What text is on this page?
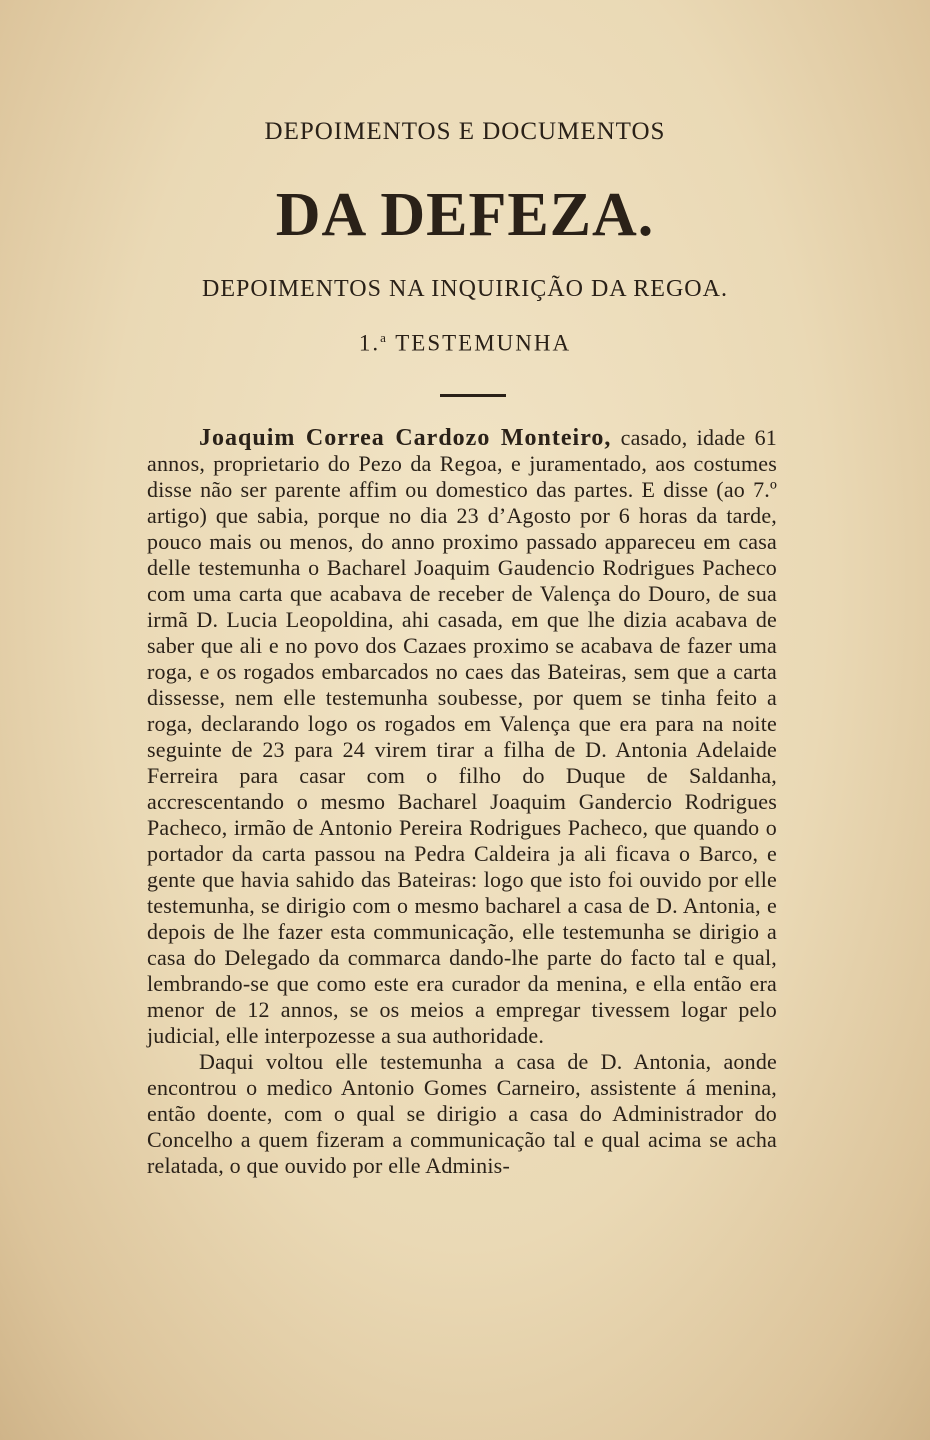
DEPOIMENTOS E DOCUMENTOS
DA DEFEZA.
DEPOIMENTOS NA INQUIRIÇÃO DA REGOA.
1.$^a$ TESTEMUNHA

Joaquim Correa Cardozo Monteiro, casado, idade 61 annos, proprietario do Pezo da Regoa, e juramentado, aos costumes disse não ser parente affim ou domestico das partes. E disse (ao 7.º artigo) que sabia, porque no dia 23 d’Agosto por 6 horas da tarde, pouco mais ou menos, do anno proximo passado appareceu em casa delle testemunha o Bacharel Joaquim Gaudencio Rodrigues Pacheco com uma carta que acabava de receber de Valença do Douro, de sua irmã D. Lucia Leopoldina, ahi casada, em que lhe dizia acabava de saber que ali e no povo dos Cazaes proximo se acabava de fazer uma roga, e os rogados embarcados no caes das Bateiras, sem que a carta dissesse, nem elle testemunha soubesse, por quem se tinha feito a roga, declarando logo os rogados em Valença que era para na noite seguinte de 23 para 24 virem tirar a filha de D. Antonia Adelaide Ferreira para casar com o filho do Duque de Saldanha, accrescentando o mesmo Bacharel Joaquim Gandercio Rodrigues Pacheco, irmão de Antonio Pereira Rodrigues Pacheco, que quando o portador da carta passou na Pedra Caldeira ja ali ficava o Barco, e gente que havia sahido das Bateiras: logo que isto foi ouvido por elle testemunha, se dirigio com o mesmo bacharel a casa de D. Antonia, e depois de lhe fazer esta communicação, elle testemunha se dirigio a casa do Delegado da commarca dando-lhe parte do facto tal e qual, lembrando-se que como este era curador da menina, e ella então era menor de 12 annos, se os meios a empregar tivessem logar pelo judicial, elle interpozesse a sua authoridade.

Daqui voltou elle testemunha a casa de D. Antonia, aonde encontrou o medico Antonio Gomes Carneiro, assistente á menina, então doente, com o qual se dirigio a casa do Administrador do Concelho a quem fizeram a communicação tal e qual acima se acha relatada, o que ouvido por elle Adminis-
